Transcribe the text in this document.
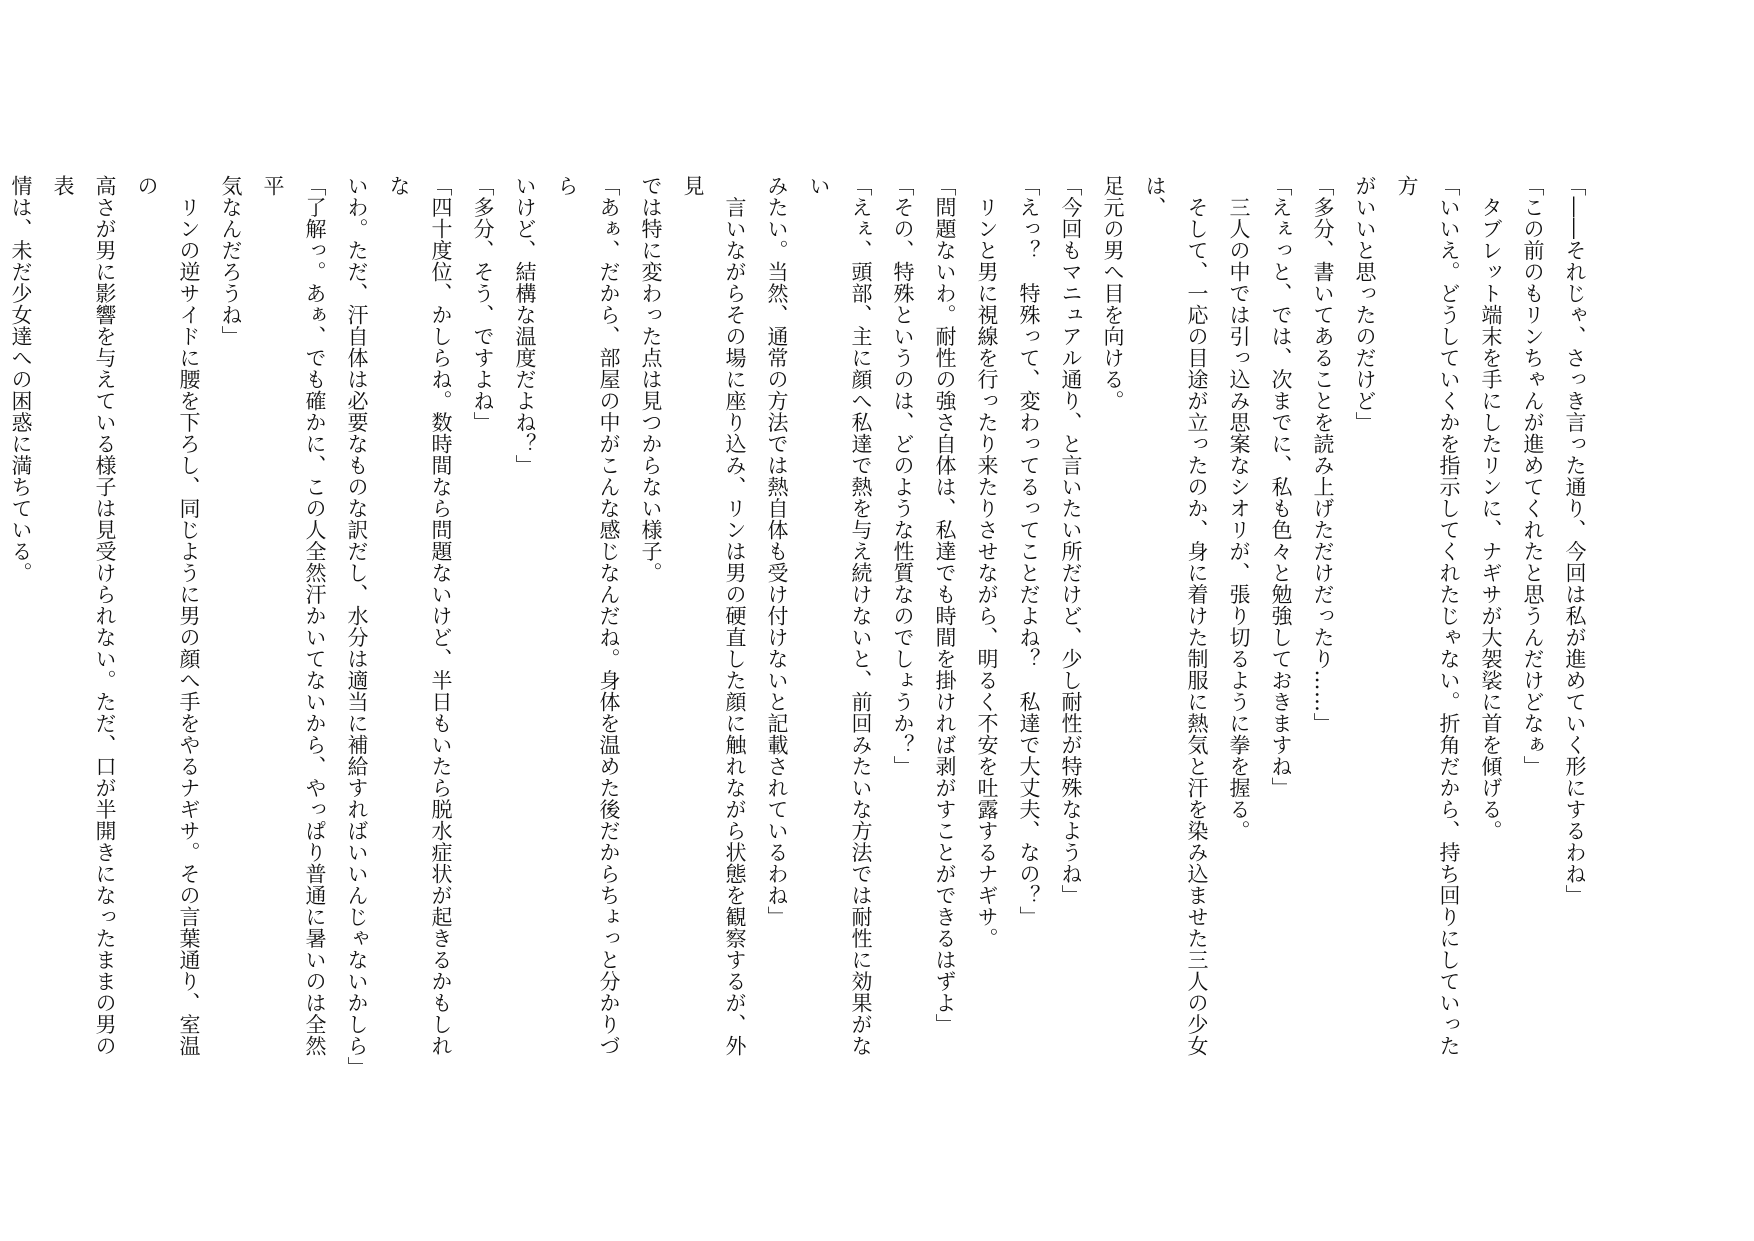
「――それじゃ、さっき言った通り、今回は私が進めていく形にするわね」

「この前のもリンちゃんが進めてくれたと思うんだけどなぁ」

　タブレット端末を手にしたリンに、ナギサが大袈裟に首を傾げる。

「いいえ。どうしていくかを指示してくれたじゃない。折角だから、持ち回りにしていった方

がいいと思ったのだけど」

「多分、書いてあることを読み上げただけだったり……」

「えぇっと、では、次までに、私も色々と勉強しておきますね」

　三人の中では引っ込み思案なシオリが、張り切るように拳を握る。

　そして、一応の目途が立ったのか、身に着けた制服に熱気と汗を染み込ませた三人の少女は、

足元の男へ目を向ける。

「今回もマニュアル通り、と言いたい所だけど、少し耐性が特殊なようね」

「えっ？　特殊って、変わってるってことだよね？　私達で大丈夫、なの？」

　リンと男に視線を行ったり来たりさせながら、明るく不安を吐露するナギサ。

「問題ないわ。耐性の強さ自体は、私達でも時間を掛ければ剥がすことができるはずよ」

「その、特殊というのは、どのような性質なのでしょうか？」

「えぇ、頭部、主に顔へ私達で熱を与え続けないと、前回みたいな方法では耐性に効果がない

みたい。当然、通常の方法では熱自体も受け付けないと記載されているわね」

　言いながらその場に座り込み、リンは男の硬直した顔に触れながら状態を観察するが、外見

では特に変わった点は見つからない様子。

「あぁ、だから、部屋の中がこんな感じなんだね。身体を温めた後だからちょっと分かりづら

いけど、結構な温度だよね？」

「多分、そう、ですよね」

「四十度位、かしらね。数時間なら問題ないけど、半日もいたら脱水症状が起きるかもしれな

いわ。ただ、汗自体は必要なものな訳だし、水分は適当に補給すればいいんじゃないかしら」

「了解っ。あぁ、でも確かに、この人全然汗かいてないから、やっぱり普通に暑いのは全然平

気なんだろうね」

　リンの逆サイドに腰を下ろし、同じように男の顔へ手をやるナギサ。その言葉通り、室温の

高さが男に影響を与えている様子は見受けられない。ただ、口が半開きになったままの男の表

情は、未だ少女達への困惑に満ちている。
